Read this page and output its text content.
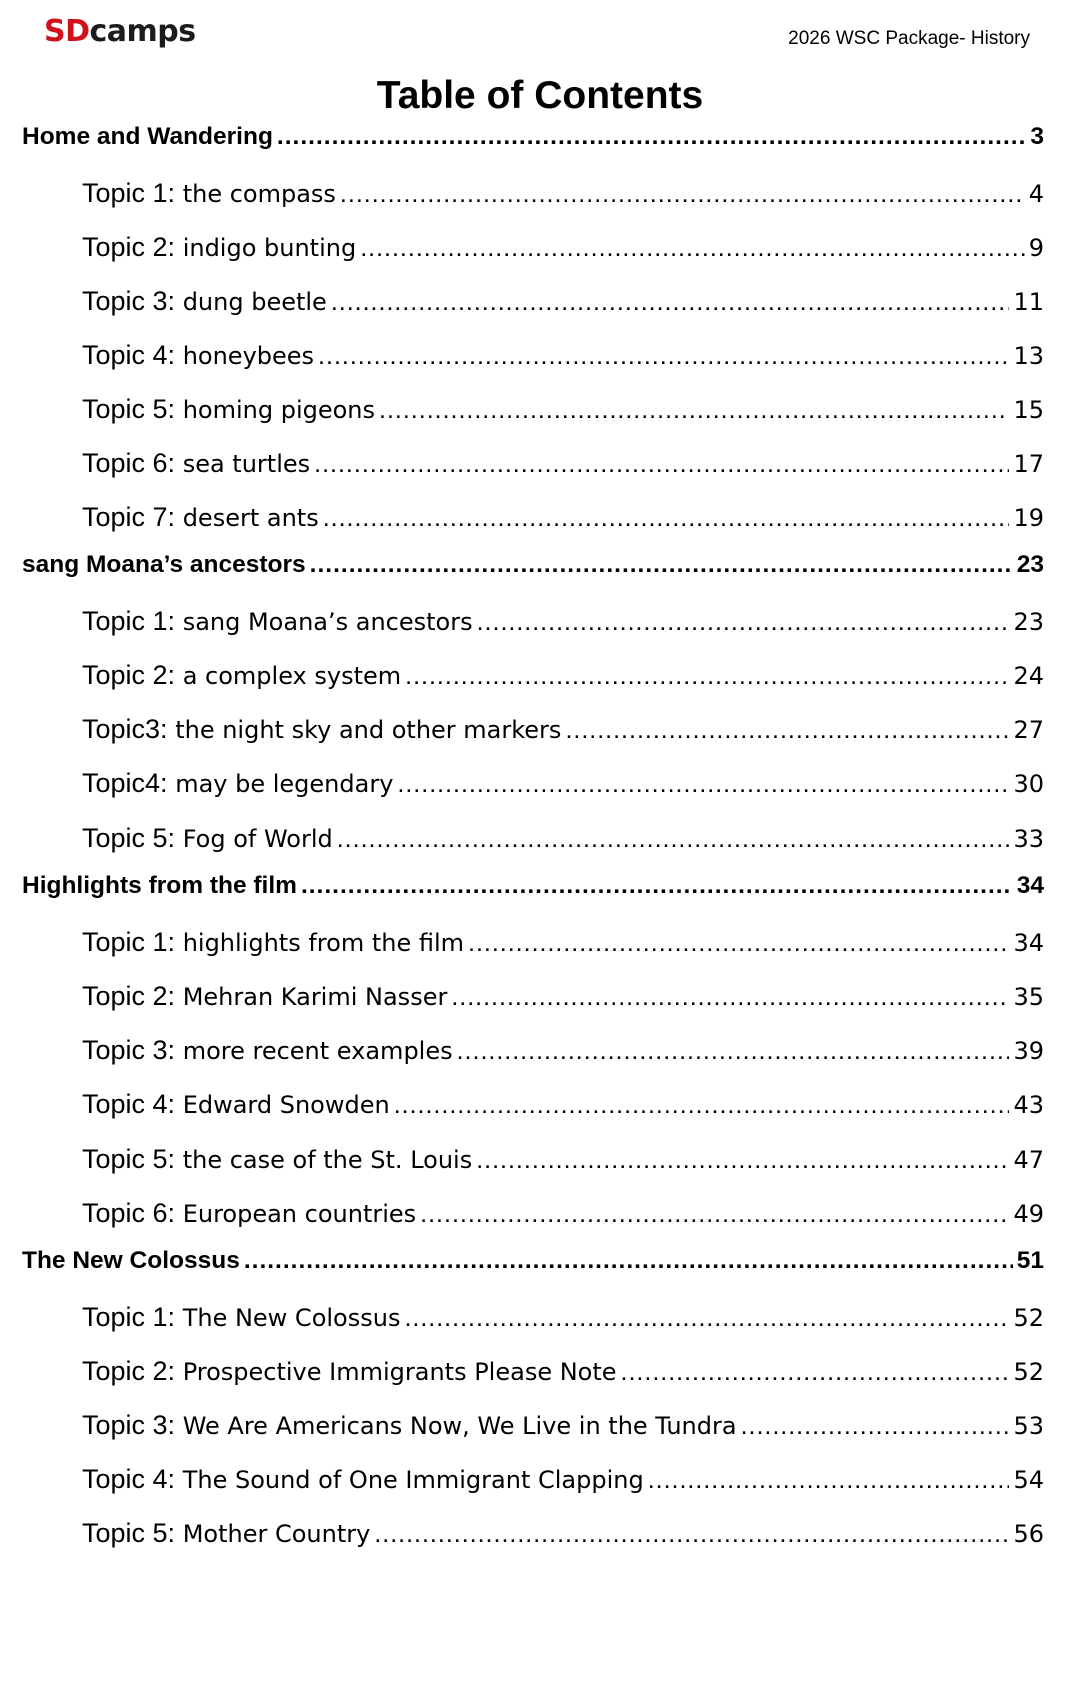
SDcamps	2026 WSC Package- History
Table of Contents
Home and Wandering .....	3
Topic 1: the compass .....	4
Topic 2: indigo bunting .....	9
Topic 3: dung beetle .....	11
Topic 4: honeybees .....	13
Topic 5: homing pigeons .....	15
Topic 6: sea turtles .....	17
Topic 7: desert ants .....	19
sang Moana’s ancestors .....	23
Topic 1: sang Moana’s ancestors .....	23
Topic 2: a complex system .....	24
Topic3: the night sky and other markers .....	27
Topic4: may be legendary .....	30
Topic 5: Fog of World .....	33
Highlights from the film .....	34
Topic 1: highlights from the film .....	34
Topic 2: Mehran Karimi Nasser .....	35
Topic 3: more recent examples .....	39
Topic 4: Edward Snowden .....	43
Topic 5: the case of the St. Louis .....	47
Topic 6: European countries .....	49
The New Colossus .....	51
Topic 1: The New Colossus .....	52
Topic 2: Prospective Immigrants Please Note .....	52
Topic 3: We Are Americans Now, We Live in the Tundra .....	53
Topic 4: The Sound of One Immigrant Clapping .....	54
Topic 5: Mother Country .....	56
